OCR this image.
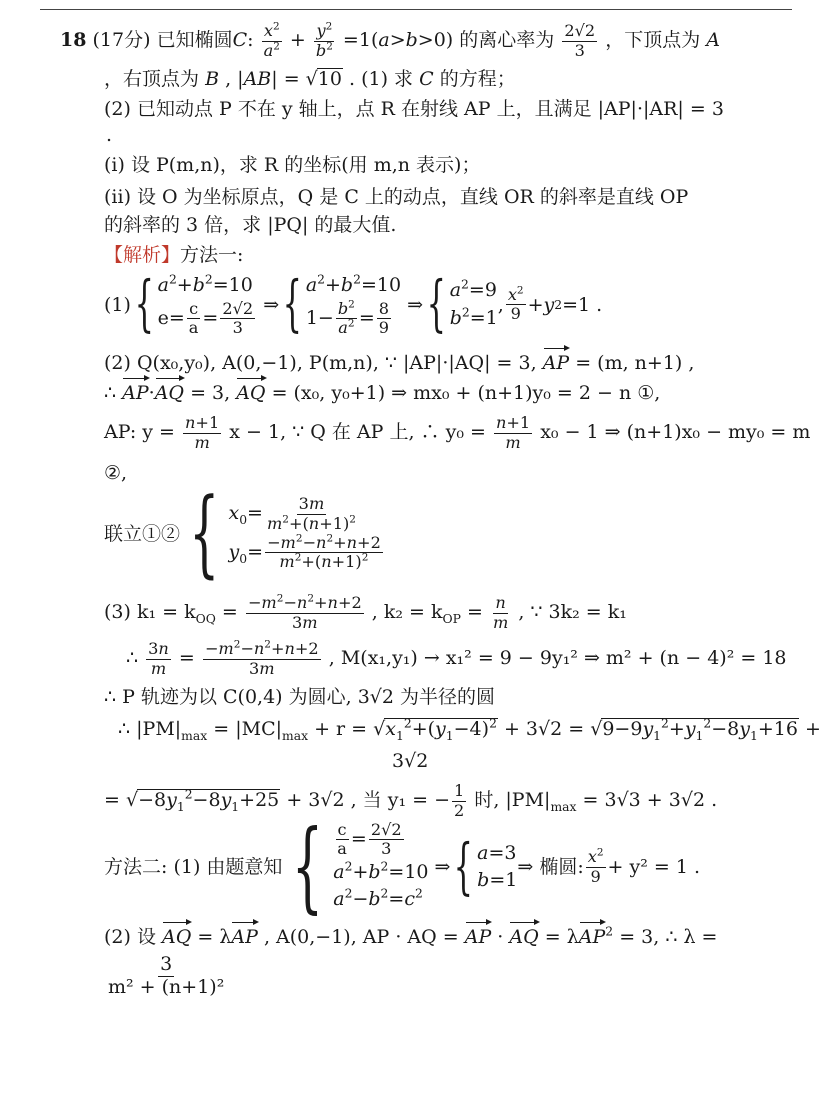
18 (17分) 已知椭圆C: $\frac{x^2}{a^2} + \frac{y^2}{b^2} =1(a>b>0)$ 的离心率为 $\frac{2√2}{3}$ ，下顶点为 A
，右顶点为 B , |AB| = √10 . (1) 求 C 的方程；
(2) 已知动点 P 不在 y 轴上，点 R 在射线 AP 上，且满足 |AP|·|AR| = 3
.
(i) 设 P(m,n)，求 R 的坐标(用 m,n 表示)；
(ii) 设 O 为坐标原点，Q 是 C 上的动点，直线 OR 的斜率是直线 OP
的斜率的 3 倍，求 |PQ| 的最大值.
【解析】方法一:
(1) { $a^2+b^2=10$
$e= \frac{c}{a} = \frac{2√2}{3}$ ⇒ { $a^2+b^2=10$
$1- \frac{b^2}{a^2} = \frac{8}{9}$ ⇒ { $a^2=9$
$b^2=1$
, $x^2$
9 + y 2 =1 .
(2) Q(x₀,y₀), A(0,−1), P(m,n), ∵ |AP|·|AQ| = 3, AP = (m, n+1) ,
∴ AP·AQ = 3, AQ = (x₀, y₀+1) ⇒ mx₀ + (n+1)y₀ = 2 − n ①,
AP: $y = \frac{n+1}{m}$ x − 1, ∵ Q 在 AP 上, ∴ $y_0 = \frac{n+1}{m} x_0 - 1$ ⇒ (n+1)x₀ − my₀ = m
②,
联立①② { $x_0= \frac{3m}{m^2+(n+1)^2}$
$y_0= \frac{-m^2-n^2+n+2}{m^2+(n+1)^2}$
(3) $k_1 = k_{OQ} = \frac{-m^2-n^2+n+2}{3m}$ , $k_2 = k_{OP} = \frac{n}{m}$ , ∵ 3k₂ = k₁
∴ $\frac{3n}{m} = \frac{-m^2-n^2+n+2}{3m}$ , M(x₁,y₁) → x₁² = 9 − 9y₁² ⇒ m² + (n − 4)² = 18
∴ P 轨迹为以 C(0,4) 为圆心, 3√2 为半径的圆
∴ $|PM|_{max} = |MC|_{max} + r = √x_1^2+(y_1-4)^2 + 3√2 = √9-9y_1^2+y_1^2-8y_1+16$ +
3√2
= $√-8y_1^2-8y_1+25 + 3√2$ , 当 y₁ = − $\frac{1}{2}$ 时, $|PM|_{max} = 3√3 + 3√2$ .
方法二: (1) 由题意知 { $\frac{c}{a} = \frac{2√2}{3}$
$a^2+b^2=10$
$a^2-b^2=c^2$
⇒ { a=3
b=1
⇒ 椭圆: $x^2$
9 + y² = 1 .
(2) 设 AQ = λAP , A(0,−1), AP · AQ = AP · AQ = λAP$^2$ = 3, ∴ λ =
$\frac{3}{\text{m² + (n+1)²}}$
